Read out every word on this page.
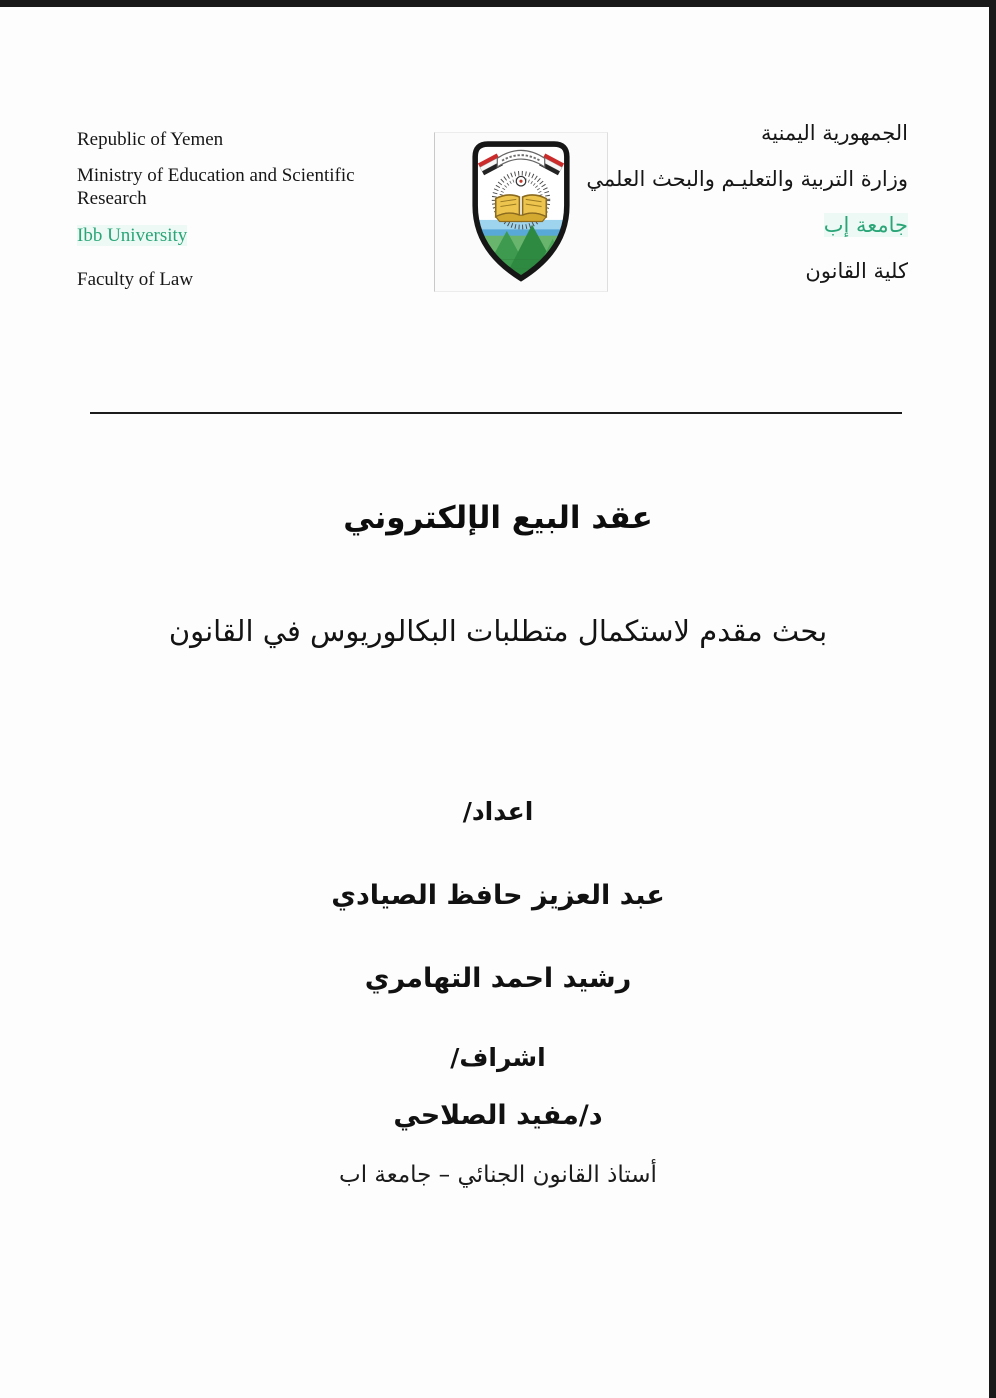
Republic of Yemen

Ministry of Education and Scientific Research

Ibb University

Faculty of Law

الجمهورية اليمنية

وزارة التربية والتعليـم والبحث العلمي

جامعة إب

كلية القانون

عقد البيع الإلكتروني

بحث مقدم لاستكمال متطلبات البكالوريوس في القانون

اعداد/

عبد العزيز حافظ الصيادي

رشيد احمد التهامري

اشراف/

د/مفيد الصلاحي

أستاذ القانون الجنائي – جامعة اب
